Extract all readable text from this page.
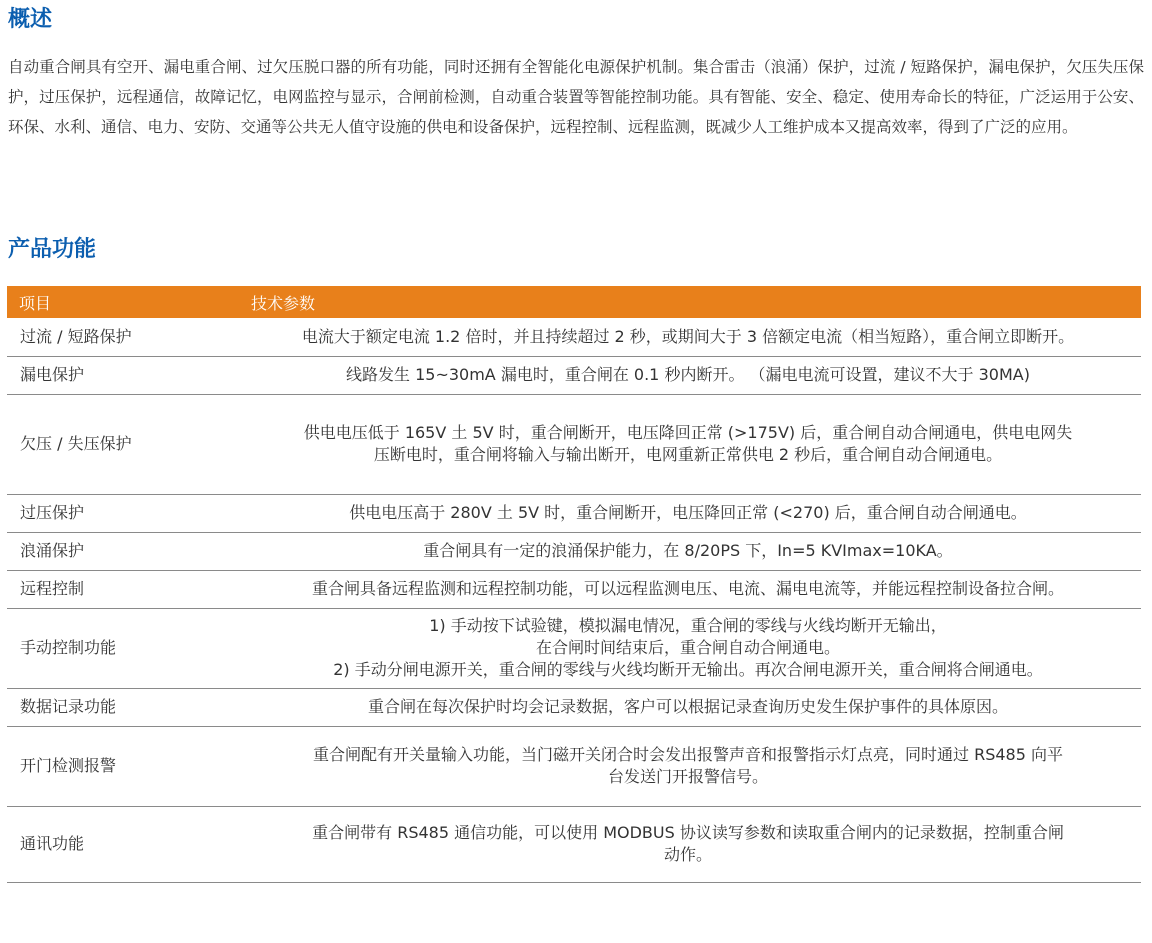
概述

自动重合闸具有空开、漏电重合闸、过欠压脱口器的所有功能，同时还拥有全智能化电源保护机制。集合雷击（浪涌）保护，过流 / 短路保护，漏电保护，欠压失压保护，过压保护，远程通信，故障记忆，电网监控与显示，合闸前检测，自动重合装置等智能控制功能。具有智能、安全、稳定、使用寿命长的特征，广泛运用于公安、环保、水利、通信、电力、安防、交通等公共无人值守设施的供电和设备保护，远程控制、远程监测，既减少人工维护成本又提高效率，得到了广泛的应用。

产品功能
项目	技术参数
过流 / 短路保护	电流大于额定电流 1.2 倍时，并且持续超过 2 秒，或期间大于 3 倍额定电流（相当短路），重合闸立即断开。

漏电保护	线路发生 15~30mA 漏电时，重合闸在 0.1 秒内断开。 （漏电电流可设置，建议不大于 30MA)

欠压 / 失压保护	供电电压低于 165V 土 5V 时，重合闸断开，电压降回正常 (>175V) 后，重合闸自动合闸通电，供电电网失
压断电时，重合闸将输入与输出断开，电网重新正常供电 2 秒后，重合闸自动合闸通电。

过压保护	供电电压高于 280V 土 5V 时，重合闸断开，电压降回正常 (<270) 后，重合闸自动合闸通电。

浪涌保护	重合闸具有一定的浪涌保护能力，在 8/20PS 下，In=5 KVImax=10KA。

远程控制	重合闸具备远程监测和远程控制功能，可以远程监测电压、电流、漏电电流等，并能远程控制设备拉合闸。

手动控制功能	1) 手动按下试验键，模拟漏电情况，重合闸的零线与火线均断开无输出，
在合闸时间结束后，重合闸自动合闸通电。
2) 手动分闸电源开关，重合闸的零线与火线均断开无输出。再次合闸电源开关，重合闸将合闸通电。

数据记录功能	重合闸在每次保护时均会记录数据，客户可以根据记录查询历史发生保护事件的具体原因。

开门检测报警	重合闸配有开关量输入功能，当门磁开关闭合时会发出报警声音和报警指示灯点亮，同时通过 RS485 向平
台发送门开报警信号。

通讯功能	重合闸带有 RS485 通信功能，可以使用 MODBUS 协议读写参数和读取重合闸内的记录数据，控制重合闸
动作。
